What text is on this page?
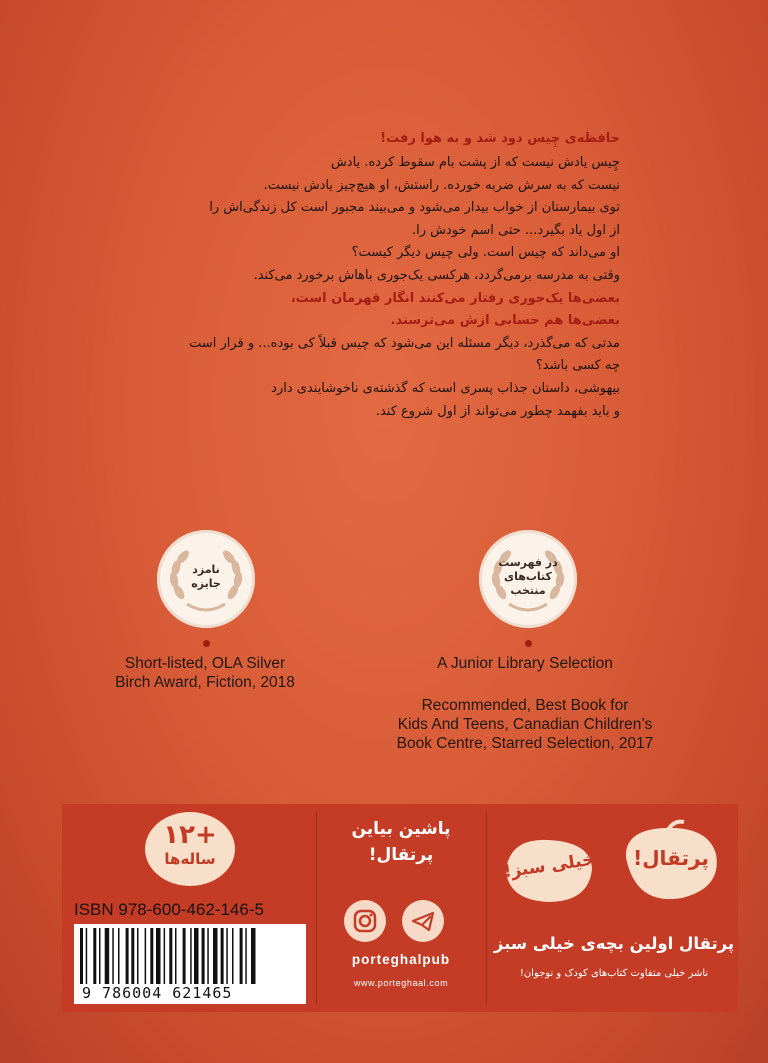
حافظه‌ی چِیس دود شد و به هوا رفت!
چِیس یادش نیست که از پشت بام سقوط کرده. یادش
نیست که به سرش ضربه خورده. راستش، او هیچ‌چیز یادش نیست.
توی بیمارستان از خواب بیدار می‌شود و می‌بیند مجبور است کل زندگی‌اش را
از اول یاد بگیرد... حتی اسم خودش را.
او می‌داند که چیس است. ولی چیس دیگر کیست؟
وقتی به مدرسه برمی‌گردد، هرکسی یک‌جوری باهاش برخورد می‌کند.
بعضی‌ها یک‌جوری رفتار می‌کنند انگار قهرمان است،
بعضی‌ها هم حسابی ازش می‌ترسند.
مدتی که می‌گذرد، دیگر مسئله این می‌شود که چیس قبلاً کی بوده... و قرار است
چه کسی باشد؟
بیهوشی، داستان جذاب پسری است که گذشته‌ی ناخوشایندی دارد
و باید بفهمد چطور می‌تواند از اول شروع کند.
نامزد
جایزه
در فهرست
کتاب‌های
منتخب
Short-listed, OLA Silver
Birch Award, Fiction, 2018
A Junior Library Selection
Recommended, Best Book for
Kids And Teens, Canadian Children’s
Book Centre, Starred Selection, 2017
+۱۲
ساله‌ها
ISBN 978-600-462-146-5
9 786004 621465
پاشین بیاین
پرتقال!
porteghalpub
www.porteghaal.com
پرتقال!
خیلی سبز!
پرتقال اولین بچه‌ی خیلی سبز
ناشر خیلی متفاوت کتاب‌های کودک و نوجوان!
